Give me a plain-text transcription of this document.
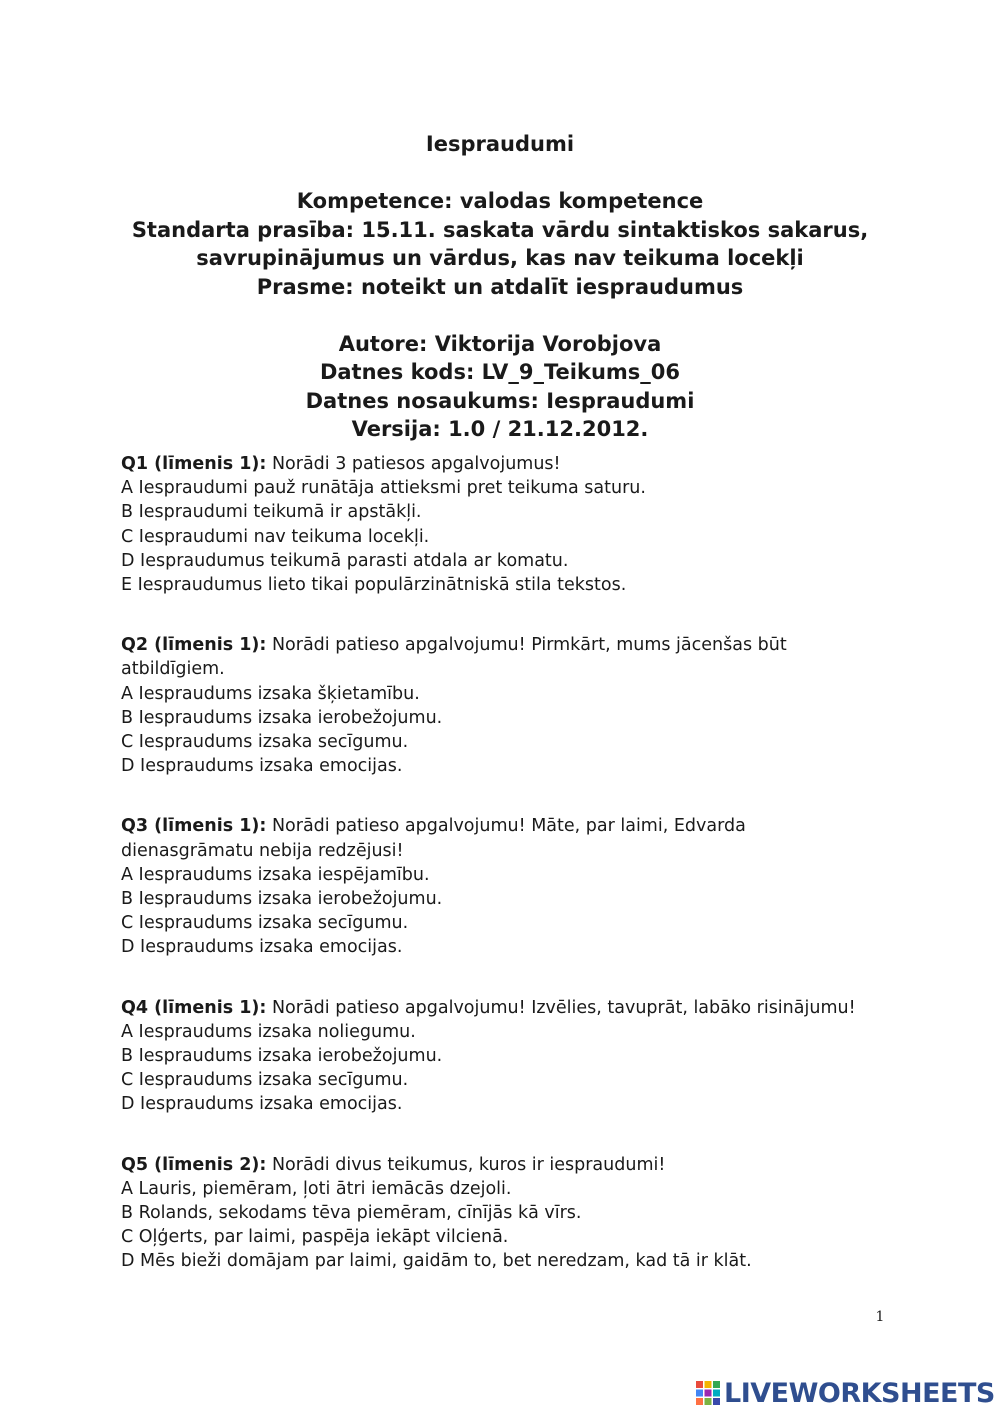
Iespraudumi
Kompetence: valodas kompetence
Standarta prasība: 15.11. saskata vārdu sintaktiskos sakarus,
savrupinājumus un vārdus, kas nav teikuma locekļi
Prasme: noteikt un atdalīt iespraudumus
Autore: Viktorija Vorobjova
Datnes kods: LV_9_Teikums_06
Datnes nosaukums: Iespraudumi
Versija: 1.0 / 21.12.2012.
Q1 (līmenis 1): Norādi 3 patiesos apgalvojumus!
A Iespraudumi pauž runātāja attieksmi pret teikuma saturu.
B Iespraudumi teikumā ir apstākļi.
C Iespraudumi nav teikuma locekļi.
D Iespraudumus teikumā parasti atdala ar komatu.
E Iespraudumus lieto tikai populārzinātniskā stila tekstos.
Q2 (līmenis 1): Norādi patieso apgalvojumu! Pirmkārt, mums jācenšas būt atbildīgiem.
A Iespraudums izsaka šķietamību.
B Iespraudums izsaka ierobežojumu.
C Iespraudums izsaka secīgumu.
D Iespraudums izsaka emocijas.
Q3 (līmenis 1): Norādi patieso apgalvojumu! Māte, par laimi, Edvarda dienasgrāmatu nebija redzējusi!
A Iespraudums izsaka iespējamību.
B Iespraudums izsaka ierobežojumu.
C Iespraudums izsaka secīgumu.
D Iespraudums izsaka emocijas.
Q4 (līmenis 1): Norādi patieso apgalvojumu! Izvēlies, tavuprāt, labāko risinājumu!
A Iespraudums izsaka noliegumu.
B Iespraudums izsaka ierobežojumu.
C Iespraudums izsaka secīgumu.
D Iespraudums izsaka emocijas.
Q5 (līmenis 2): Norādi divus teikumus, kuros ir iespraudumi!
A Lauris, piemēram, ļoti ātri iemācās dzejoli.
B Rolands, sekodams tēva piemēram, cīnījās kā vīrs.
C Oļģerts, par laimi, paspēja iekāpt vilcienā.
D Mēs bieži domājam par laimi, gaidām to, bet neredzam, kad tā ir klāt.
1
LIVEWORKSHEETS
